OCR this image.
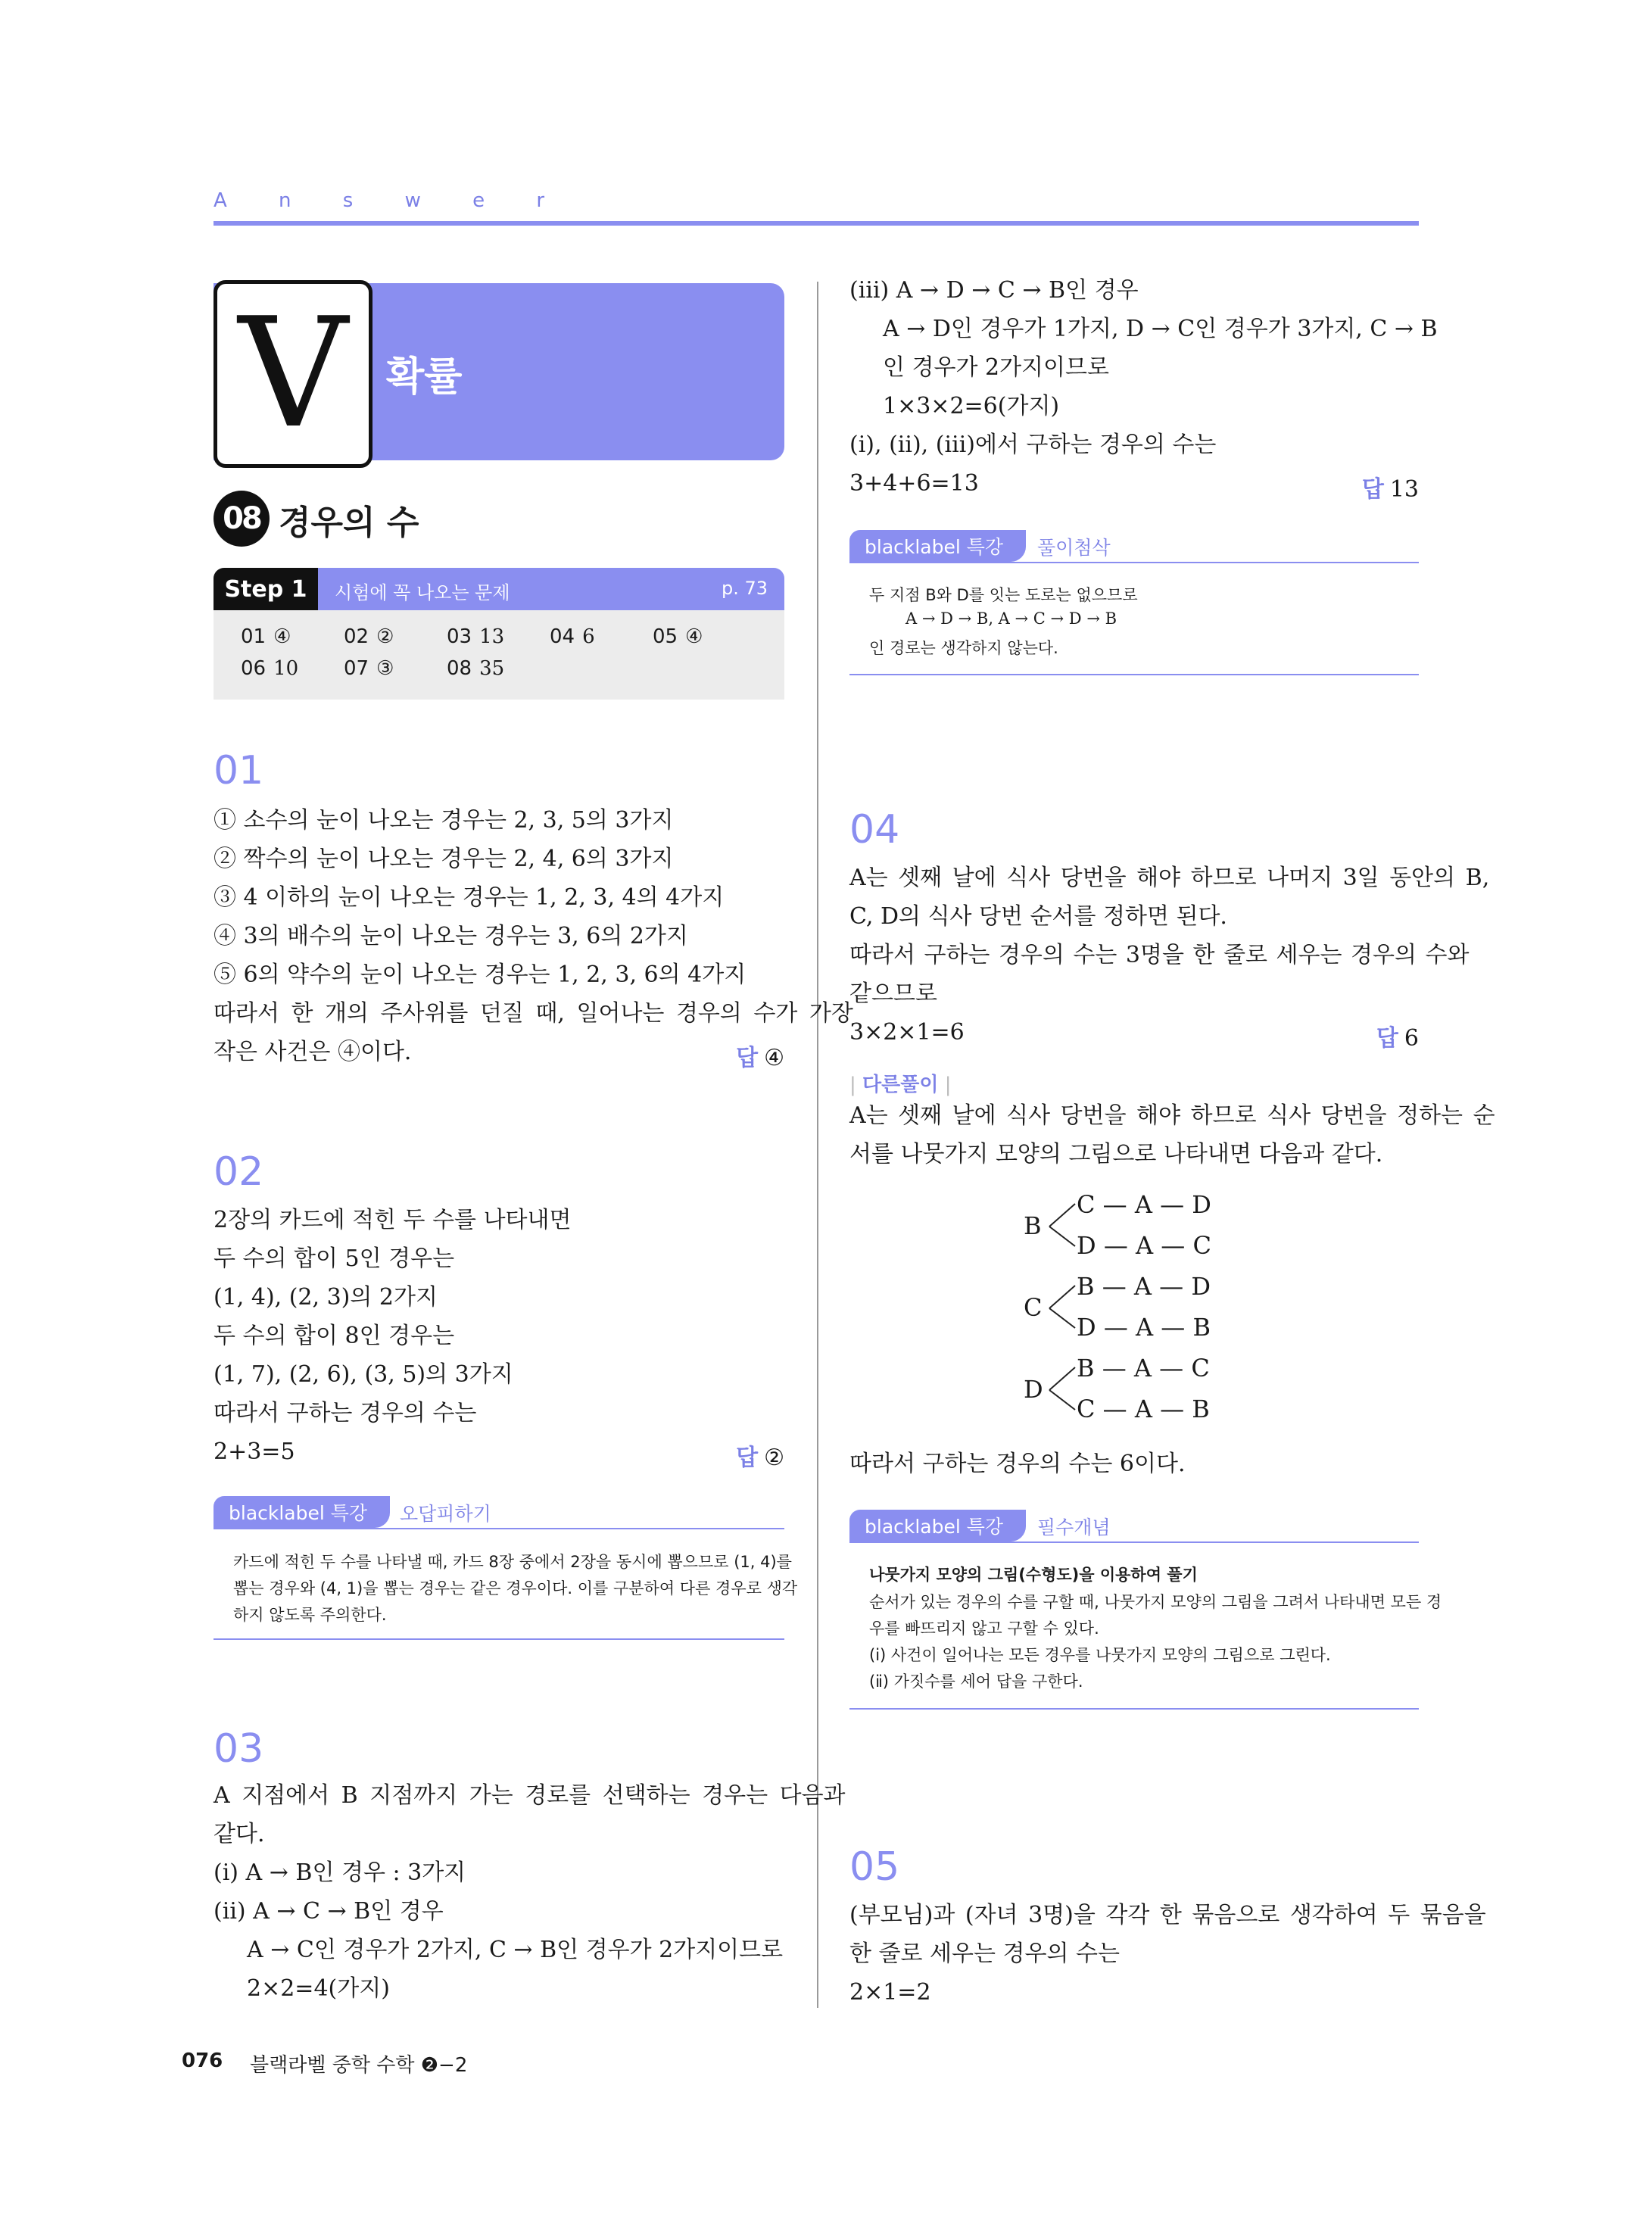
A n s w e r
V 확률
08 경우의 수
Step 1	시험에 꼭 나오는 문제	p. 73
01 ④	02 ②	03 13 04 6	05 ④
06 10 07 ③	08 35
01
① 소수의 눈이 나오는 경우는 2, 3, 5의 3가지
② 짝수의 눈이 나오는 경우는 2, 4, 6의 3가지
③ 4 이하의 눈이 나오는 경우는 1, 2, 3, 4의 4가지
④ 3의 배수의 눈이 나오는 경우는 3, 6의 2가지
⑤ 6의 약수의 눈이 나오는 경우는 1, 2, 3, 6의 4가지
따라서 한 개의 주사위를 던질 때, 일어나는 경우의 수가 가장
작은 사건은 ④이다.	답 ④
02
2장의 카드에 적힌 두 수를 나타내면
두 수의 합이 5인 경우는
(1, 4), (2, 3)의 2가지
두 수의 합이 8인 경우는
(1, 7), (2, 6), (3, 5)의 3가지
따라서 구하는 경우의 수는
2+3=5	답 ②
blacklabel 특강	오답피하기
카드에 적힌 두 수를 나타낼 때, 카드 8장 중에서 2장을 동시에 뽑으므로 (1, 4)를
뽑는 경우와 (4, 1)을 뽑는 경우는 같은 경우이다. 이를 구분하여 다른 경우로 생각
하지 않도록 주의한다.
03
A 지점에서 B 지점까지 가는 경로를 선택하는 경우는 다음과
같다.
(ⅰ) A → B인 경우 : 3가지
(ⅱ) A → C → B인 경우
A → C인 경우가 2가지, C → B인 경우가 2가지이므로
2×2=4(가지)
(ⅲ) A → D → C → B인 경우
A → D인 경우가 1가지, D → C인 경우가 3가지, C → B
인 경우가 2가지이므로
1×3×2=6(가지)
(ⅰ), (ⅱ), (ⅲ)에서 구하는 경우의 수는
3+4+6=13	답 13
blacklabel 특강	풀이첨삭
두 지점 B와 D를 잇는 도로는 없으므로
A → D → B, A → C → D → B
인 경로는 생각하지 않는다.
04
A는 셋째 날에 식사 당번을 해야 하므로 나머지 3일 동안의 B,
C, D의 식사 당번 순서를 정하면 된다.
따라서 구하는 경우의 수는 3명을 한 줄로 세우는 경우의 수와
같으므로
3×2×1=6	답 6
| 다른풀이 |
A는 셋째 날에 식사 당번을 해야 하므로 식사 당번을 정하는 순
서를 나뭇가지 모양의 그림으로 나타내면 다음과 같다.
B
C — A — D
D — A — C
C
B — A — D
D — A — B
D
B — A — C
C — A — B
따라서 구하는 경우의 수는 6이다.
blacklabel 특강	필수개념
나뭇가지 모양의 그림(수형도)을 이용하여 풀기
순서가 있는 경우의 수를 구할 때, 나뭇가지 모양의 그림을 그려서 나타내면 모든 경
우를 빠뜨리지 않고 구할 수 있다.
(ⅰ) 사건이 일어나는 모든 경우를 나뭇가지 모양의 그림으로 그린다.
(ⅱ) 가짓수를 세어 답을 구한다.
05
(부모님)과 (자녀 3명)을 각각 한 묶음으로 생각하여 두 묶음을
한 줄로 세우는 경우의 수는
2×1=2
076 블랙라벨 중학 수학 ❷−2
